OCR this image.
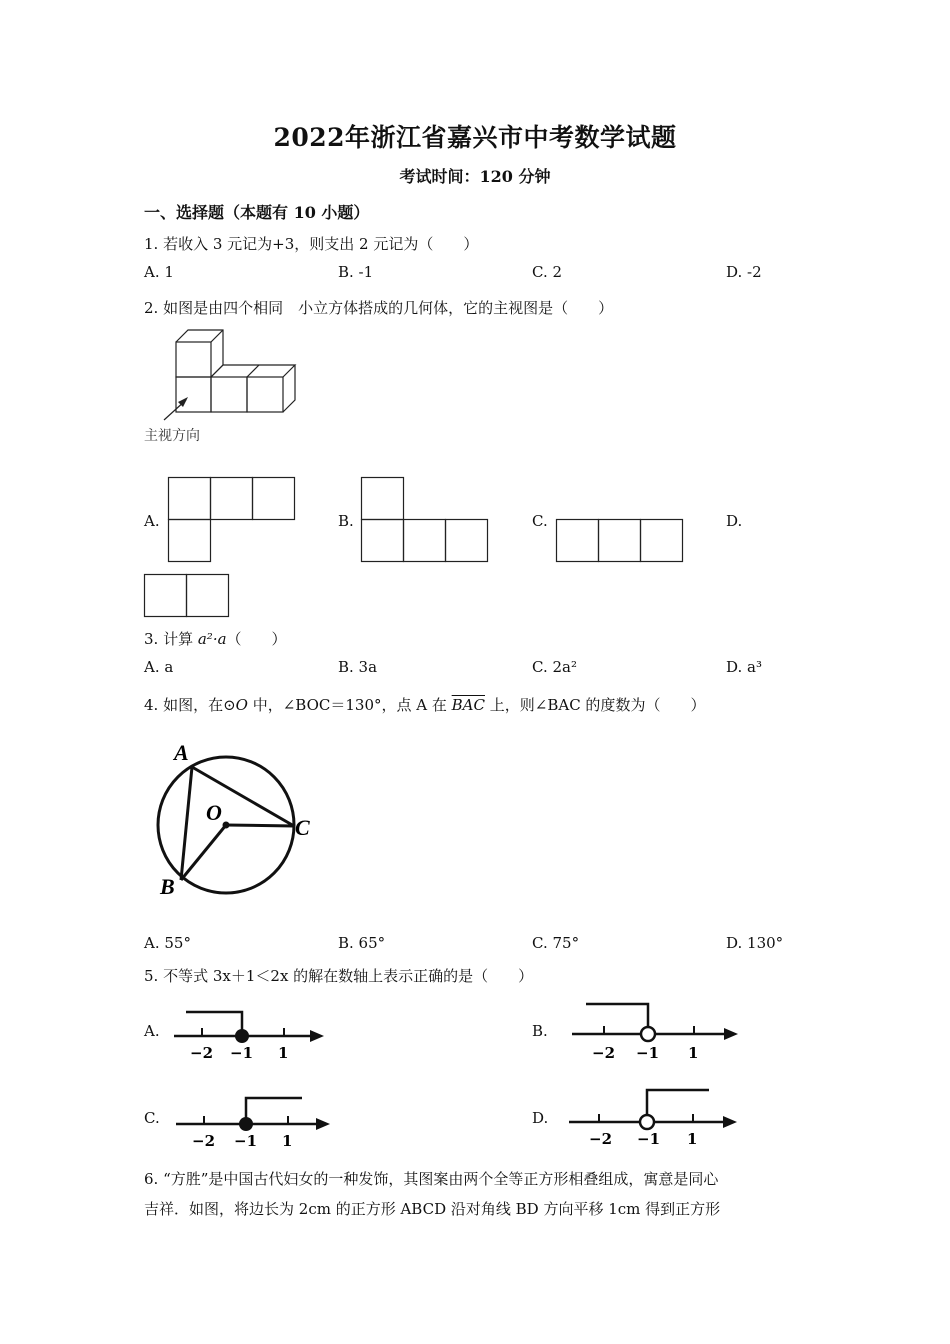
2022年浙江省嘉兴市中考数学试题
考试时间：120 分钟
一、选择题（本题有 10 小题）
1. 若收入 3 元记为+3，则支出 2 元记为（　　）
A. 1	B. -1	C. 2	D. -2
2. 如图是由四个相同　小立方体搭成的几何体，它的主视图是（　　）
主视方向
A.	B.	C.	D.
3. 计算 a²·a（　　）
A. a	B. 3a	C. 2a²	D. a³
4. 如图，在⊙O 中，∠BOC＝130°，点 A 在 $\overline{BAC}$ 上，则∠BAC 的度数为（　　）
A
O
C
B
A. 55°	B. 65°	C. 75°	D. 130°
5. 不等式 3x＋1＜2x 的解在数轴上表示正确的是（　　）
A.
−2 −1 1
B.
−2 −1 1
C.
−2 −1 1
D.
−2 −1 1
6. “方胜”是中国古代妇女的一种发饰，其图案由两个全等正方形相叠组成，寓意是同心
吉祥．如图，将边长为 2cm 的正方形 ABCD 沿对角线 BD 方向平移 1cm 得到正方形
